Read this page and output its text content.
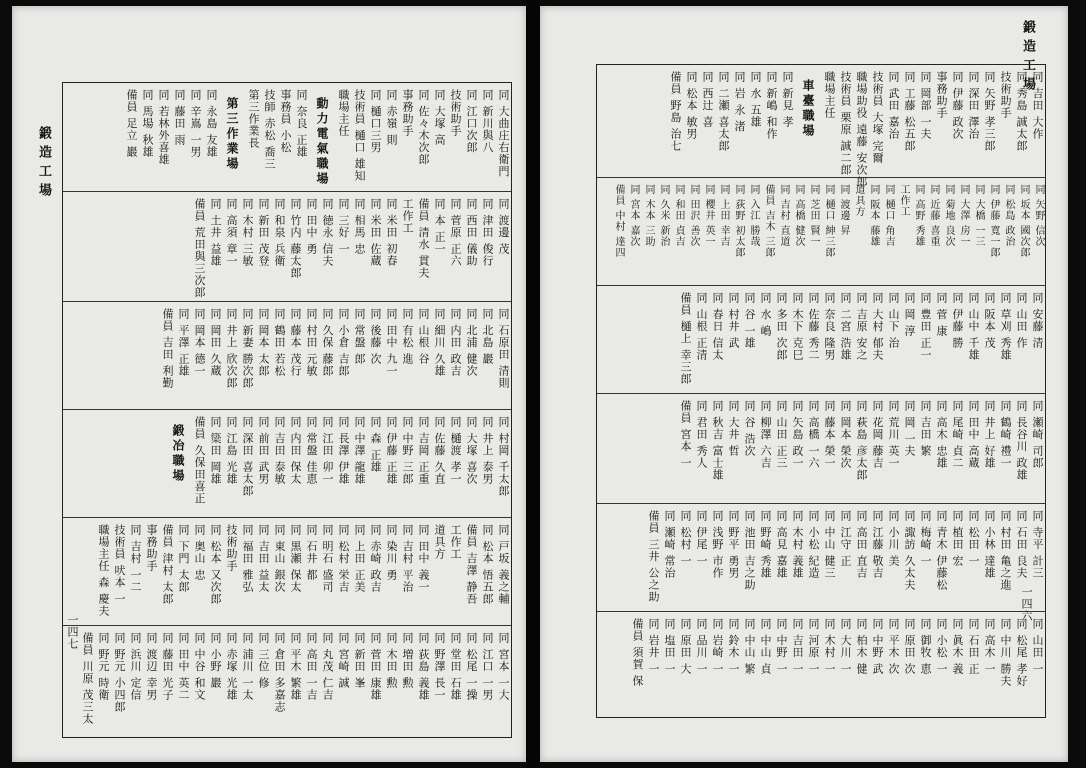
鍛造工場
一四七
同 大曲庄右衛門
同 新川與八
同 江口次郎
技術助手
同 大塚 高
同 佐々木次郎
事務助手
同 赤嶺 則
同 樋口三男
技術員 樋口 雄知
職場主任
動力電氣職場
同 奈良 正雄
事務員 小松
技師 赤松 喬三
第三作業長
第三作業場
同 永島 友雄
同 辛嶌 一男
同 藤田 雨
同 若林外喜雄
同 馬場 秋雄
備員 足立 巖
同 渡邊 茂
同 津田 俊行
同 西田 儀助
同 菅原 正六
同 本 正一
備員 清水 貫夫
工作工
同 米田 初春
同 米田 佐蔵
同 相馬 忠
同 三好 一
同 徳永 信夫
同 田中 勇
同 竹内 藤太郎
同 和泉 兵衛
同 新田 茂登
同 木村 三敏
同 高須 章一
同 土井 益雄
備員 荒田與三次郎
同 石原田 清則
同 北島 巖
同 北浦 健次
同 内田 政吉
同 細川 久雄
同 山根 谷
同 有松 進
同 田中 九一
同 後藤 次
同 常盤 郎
同 小倉 吉郎
同 久保 藤郎
同 村田 元敏
同 藤本 茂行
同 鶴田 若松
同 岡本 太郎
同 新妻 勝次郎
同 井上 欣次郎
同 岡田 久蔵
同 岡本 德一
同 平澤 正雄
備員 吉田 利勤
同 村岡 千太郎
同 井上 泰男
同 大塚 喜次
同 樋渡 孝一
同 佐藤 久直
同 吉岡 正重
同 中野 三郎
同 伊藤 正雄
同 森 正雄
同 中澤 龍雄
同 長澤 伊雄
同 江田 卯一
同 常盤 佳恵
同 内田 保太
同 吉田 泰敏
同 前田 武男
同 深田 喜太郎
同 江島 光雄
同 簗田 岡雄
備員 久保田喜正
鍛冶職場
同 戸坂 義之輔
同 松本 悟五郎
備員 吉澤 静吾
工作工
道具方
同 田中 義一
同 吉村 平治
同 染川 勇
同 赤崎 政吉
同 上田 正美
同 松村 栄吉
同 明石 盛司
同 石井 都
同 黒瀬 保太
同 東山 銀次
同 吉田 益太
同 福田 雅弘
技術助手
同 松本 又次郎
同 奥山 忠
同 下門 太郎
備員 津村 太郎
事務助手
同 吉村 一二
技術員 吠本 一
職場主任 森 慶夫
同 宮本 一大
同 江口 一男
同 松尾 一操
同 堂田 石雄
同 野澤 長一
同 荻島 義雄
同 増田 勲
同 木田 勲
同 菅田 康雄
同 新田 峯
同 宮崎 誠
同 丸茂 仁吉
同 高田 一吉
同 平木 繁雄
同 倉田 多嘉志
同 三位 修
同 浦川 一太
同 赤塚 光雄
同 小野 巖
同 中谷 和文
同 田中 英二
同 藤田 光子
同 渡辺 幸男
同 浜川 定信
同 野元 小四郎
同 野元 時衛
備員 川原 茂三太
鍛造工場
一四六
同 吉田 大作
同 秀島 誠太郎
技術助手
同 矢野 孝三郎
同 深田 澤治
同 伊藤 政次
事務助手
同 岡部 一夫
同 工藤 松五郎
同 武田 嘉治
技術員 大塚 完爾
職場助役 遠藤 安次郎
技術員 栗原 誠二郎
職場主任
車臺職場
同 新見 孝
同 新嶋 和作
同 水 五雄
同 岩 永 渚
同 二瀬 喜太郎
同 西辻 喜
同 松本 敏男
備員 野島 治七
同 矢野 信次
同 坂本 國次郎
同 松島 政治
同 伊藤 寬一郎
同 大橋 一三
同 大澤 房一
同 菊地 良次
同 近藤 喜重
同 高野 秀雄
工作工
同 樋口 角吉
同 阪本 藤雄
道具方
同 渡邊 昇
同 樋口 紳三郎
同 芝田 賢一
同 高橋 健次
同 吉村 直道
備員 吉木 三郎
同 入江 勝哉
同 荻野 初太郎
同 上田 幸吉
同 櫻井 英一
同 田沢 善次
同 和田 貞吉
同 久米 新治
同 木本 三助
同 宮本 嘉次
備員 中村 達四
同 安藤 清
同 山田 作
同 草刈 秀雄
同 阪本 茂
同 山中 千雄
同 伊藤 勝
同 菅 康
同 豊田 正一
同 岡 淳
同 山下 治
同 大村 郁夫
同 吉原 安之
同 二宮 浩雄
同 奈良 隆男
同 佐藤 秀二
同 木下 克巳
同 多田 次郎
同 水 嶋
同 谷 一雄
同 村井 武
同 春日 信太
同 山根 正清
備員 樋上 幸三郎
同 瀬崎 司郎
同 長谷川 政雄
同 鶴崎 禮一
同 井上 好雄
同 田中 高蔵
同 尾崎 貞二
同 高木 忠雄
同 吉田 繁
同 岡 一夫
同 荒川 英一
同 花岡 藤吉
同 萩島 彦太郎
同 岡本 榮次
同 藤本 榮一
同 高橋 一六
同 矢島 政一
同 山田 正三
同 柳澤 六吉
同 谷 浩次
同 大井 哲
同 秋吉 富士雄
同 君田 秀人
備員 宮本 一
同 寺平 計三
同 石田 良夫
同 村田 亀之進
同 小林 達雄
同 松田 一
同 植田 宏
同 青木 伊藤松
同 梅崎 一
同 諏訪 久太夫
同 小川 美
同 江藤 敬吉
同 高田 直吉
同 江守 正
同 中山 健三
同 小松 紀造
同 木村 義雄
同 高見 嘉雄
同 野崎 秀雄
同 池田 吉之助
同 野平 勇男
同 浅野 市作
同 伊尾 一
同 松村 一
同 瀬崎 常治
備員 三井 公之助
同 山田 一
同 松尾 孝好
同 中川 勝夫
同 高木 一
同 石田 正
同 眞木 義
同 小松 一
同 御牧 恵
同 原田 次
同 平木 次
同 中野 武
同 柏木 健
同 大川 一
同 木村 一
同 河原 一
同 吉田 一
同 中野 一
同 中山 貞
同 中山 繁
同 鈴木 一
同 岩崎 一
同 品川 一
同 原田 大
同 塩田 一
同 岩井 一
備員 須賀 保
